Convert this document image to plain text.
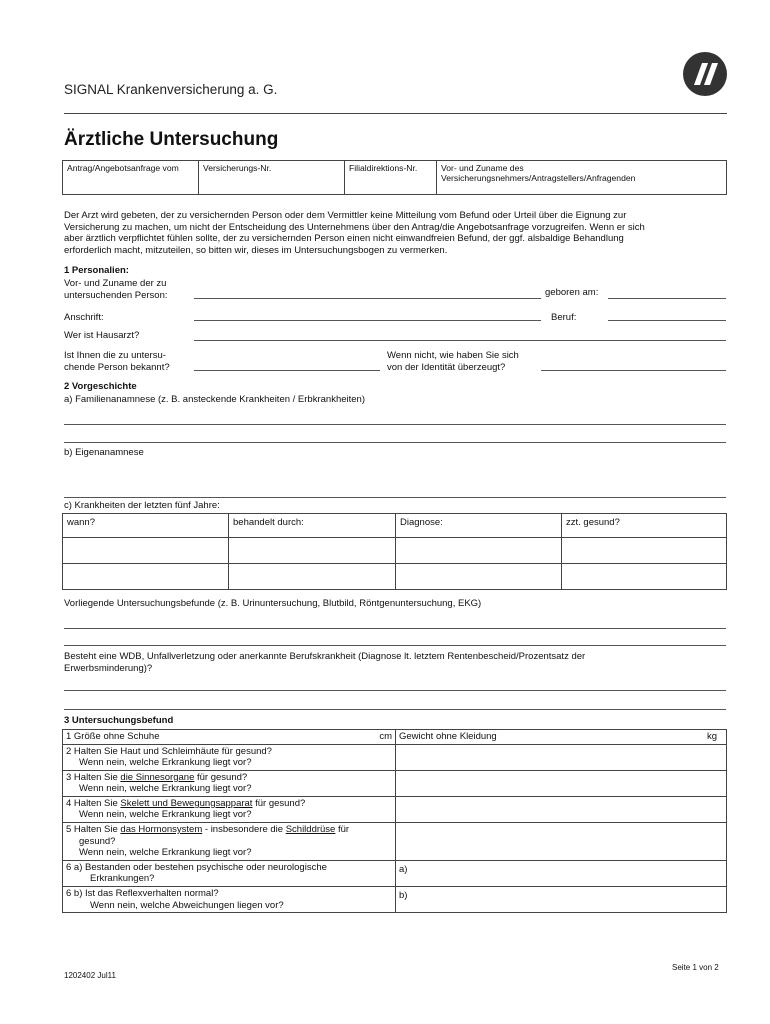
SIGNAL Krankenversicherung a. G.
Ärztliche Untersuchung
Antrag/Angebotsanfrage vom	Versicherungs-Nr.	Filialdirektions-Nr.	Vor- und Zuname des
Versicherungsnehmers/Antragstellers/Anfragenden
Der Arzt wird gebeten, der zu versichernden Person oder dem Vermittler keine Mitteilung vom Befund oder Urteil über die Eignung zur
Versicherung zu machen, um nicht der Entscheidung des Unternehmens über den Antrag/die Angebotsanfrage vorzugreifen. Wenn er sich
aber ärztlich verpflichtet fühlen sollte, der zu versichernden Person einen nicht einwandfreien Befund, der ggf. alsbaldige Behandlung
erforderlich macht, mitzuteilen, so bitten wir, dieses im Untersuchungsbogen zu vermerken.
1 Personalien:
Vor- und Zuname der zu
untersuchenden Person:	geboren am:
Anschrift:	Beruf:
Wer ist Hausarzt?
Ist Ihnen die zu untersu-
chende Person bekannt?
Wenn nicht, wie haben Sie sich
von der Identität überzeugt?
2 Vorgeschichte
a) Familienanamnese (z. B. ansteckende Krankheiten / Erbkrankheiten)
b) Eigenanamnese
c) Krankheiten der letzten fünf Jahre:
wann?	behandelt durch:	Diagnose:	zzt. gesund?

Vorliegende Untersuchungsbefunde (z. B. Urinuntersuchung, Blutbild, Röntgenuntersuchung, EKG)
Besteht eine WDB, Unfallverletzung oder anerkannte Berufskrankheit (Diagnose lt. letztem Rentenbescheid/Prozentsatz der
Erwerbsminderung)?
3 Untersuchungsbefund
1 Größe ohne Schuhe cm	Gewicht ohne Kleidung kg

2 Halten Sie Haut und Schleimhäute für gesund?
Wenn nein, welche Erkrankung liegt vor?	

3 Halten Sie die Sinnesorgane für gesund?
Wenn nein, welche Erkrankung liegt vor?	

4 Halten Sie Skelett und Bewegungsapparat für gesund?
Wenn nein, welche Erkrankung liegt vor?	

5 Halten Sie das Hormonsystem - insbesondere die Schilddrüse für
gesund?
Wenn nein, welche Erkrankung liegt vor?	

6 a) Bestanden oder bestehen psychische oder neurologische
Erkrankungen?	a)

6 b) Ist das Reflexverhalten normal?
Wenn nein, welche Abweichungen liegen vor?	b)
Seite 1 von 2
1202402 Jul11
